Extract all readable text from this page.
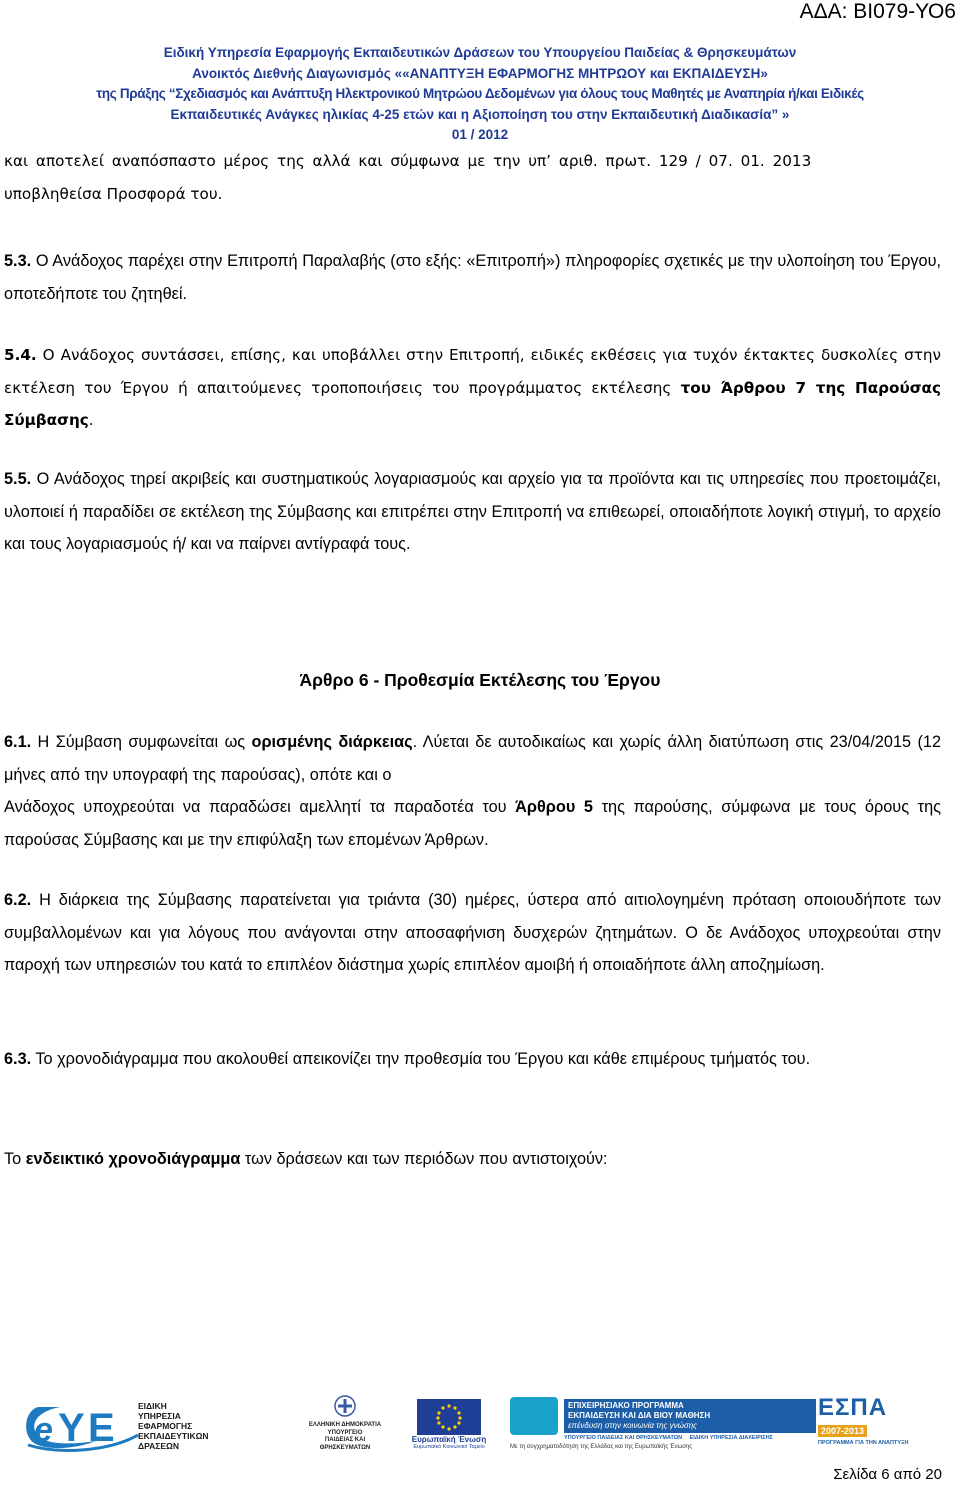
ΑΔΑ: ΒΙ079-ΥΟ6
Ειδική Υπηρεσία Εφαρμογής Εκπαιδευτικών Δράσεων του Υπουργείου Παιδείας & Θρησκευμάτων
Ανοικτός Διεθνής Διαγωνισμός ««ΑΝΑΠΤΥΞΗ ΕΦΑΡΜΟΓΗΣ ΜΗΤΡΩΟΥ και ΕΚΠΑΙΔΕΥΣΗ»
της Πράξης “Σχεδιασμός και Ανάπτυξη Ηλεκτρονικού Μητρώου Δεδομένων για όλους τους Μαθητές με Αναπηρία ή/και Ειδικές
Εκπαιδευτικές Ανάγκες ηλικίας 4-25 ετών και η Αξιοποίηση του στην Εκπαιδευτική Διαδικασία” »
01 / 2012
και αποτελεί αναπόσπαστο μέρος της αλλά και σύμφωνα με την υπ’ αριθ. πρωτ. 129 / 07. 01. 2013
υποβληθείσα Προσφορά του.

5.3. Ο Ανάδοχος παρέχει στην Επιτροπή Παραλαβής (στο εξής: «Επιτροπή») πληροφορίες σχετικές με την υλοποίηση του Έργου, οποτεδήποτε του ζητηθεί.

5.4. Ο Ανάδοχος συντάσσει, επίσης, και υποβάλλει στην Επιτροπή, ειδικές εκθέσεις για τυχόν έκτακτες δυσκολίες στην εκτέλεση του Έργου ή απαιτούμενες τροποποιήσεις του προγράμματος εκτέλεσης του Άρθρου 7 της Παρούσας Σύμβασης.

5.5. Ο Ανάδοχος τηρεί ακριβείς και συστηματικούς λογαριασμούς και αρχείο για τα προϊόντα και τις υπηρεσίες που προετοιμάζει, υλοποιεί ή παραδίδει σε εκτέλεση της Σύμβασης και επιτρέπει στην Επιτροπή να επιθεωρεί, οποιαδήποτε λογική στιγμή, το αρχείο και τους λογαριασμούς ή/ και να παίρνει αντίγραφά τους.

Άρθρο 6 - Προθεσμία Εκτέλεσης του Έργου

6.1. Η Σύμβαση συμφωνείται ως ορισμένης διάρκειας. Λύεται δε αυτοδικαίως και χωρίς άλλη διατύπωση στις 23/04/2015 (12 μήνες από την υπογραφή της παρούσας), οπότε και ο

Ανάδοχος υποχρεούται να παραδώσει αμελλητί τα παραδοτέα του Άρθρου 5 της παρούσης, σύμφωνα με τους όρους της παρούσας Σύμβασης και με την επιφύλαξη των επομένων Άρθρων.

6.2. Η διάρκεια της Σύμβασης παρατείνεται για τριάντα (30) ημέρες, ύστερα από αιτιολογημένη πρόταση οποιουδήποτε των συμβαλλομένων και για λόγους που ανάγονται στην αποσαφήνιση δυσχερών ζητημάτων. Ο δε Ανάδοχος υποχρεούται στην παροχή των υπηρεσιών του κατά το επιπλέον διάστημα χωρίς επιπλέον αμοιβή ή οποιαδήποτε άλλη αποζημίωση.

6.3. Το χρονοδιάγραμμα που ακολουθεί απεικονίζει την προθεσμία του Έργου και κάθε επιμέρους τμήματός του.

Το ενδεικτικό χρονοδιάγραμμα των δράσεων και των περιόδων που αντιστοιχούν:

e Y E	ΕΙΔΙΚΗ
ΥΠΗΡΕΣΙΑ
ΕΦΑΡΜΟΓΗΣ
ΕΚΠΑΙΔΕΥΤΙΚΩΝ
ΔΡΑΣΕΩΝ
ΕΛΛΗΝΙΚΗ ΔΗΜΟΚΡΑΤΙΑ
ΥΠΟΥΡΓΕΙΟ
ΠΑΙΔΕΙΑΣ ΚΑΙ
ΘΡΗΣΚΕΥΜΑΤΩΝ
Ευρωπαϊκή Ένωση
Ευρωπαϊκό Κοινωνικό Ταμείο
ΕΠΙΧΕΙΡΗΣΙΑΚΟ ΠΡΟΓΡΑΜΜΑ
ΕΚΠΑΙΔΕΥΣΗ ΚΑΙ ΔΙΑ ΒΙΟΥ ΜΑΘΗΣΗ
επένδυση στην κοινωνία της γνώσης
ΥΠΟΥΡΓΕΙΟ ΠΑΙΔΕΙΑΣ ΚΑΙ ΘΡΗΣΚΕΥΜΑΤΩΝ ΕΙΔΙΚΗ ΥΠΗΡΕΣΙΑ ΔΙΑΧΕΙΡΙΣΗΣ
Με τη συγχρηματοδότηση της Ελλάδας και της Ευρωπαϊκής Ένωσης
ΕΣΠΑ
2007-2013
ΠΡΟΓΡΑΜΜΑ ΓΙΑ ΤΗΝ ΑΝΑΠΤΥΞΗ
Σελίδα 6 από 20
